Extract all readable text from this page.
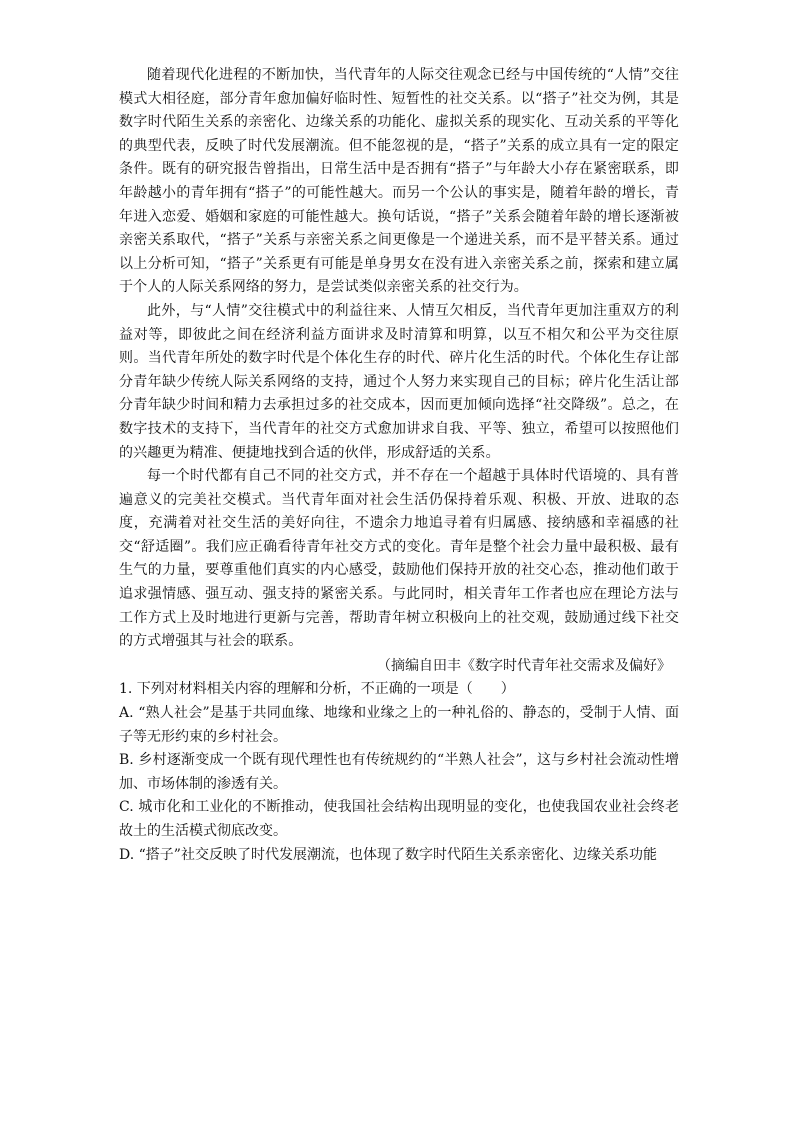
随着现代化进程的不断加快，当代青年的人际交往观念已经与中国传统的“人情”交往模式大相径庭，部分青年愈加偏好临时性、短暂性的社交关系。以“搭子”社交为例，其是数字时代陌生关系的亲密化、边缘关系的功能化、虚拟关系的现实化、互动关系的平等化的典型代表，反映了时代发展潮流。但不能忽视的是，“搭子”关系的成立具有一定的限定条件。既有的研究报告曾指出，日常生活中是否拥有“搭子”与年龄大小存在紧密联系，即年龄越小的青年拥有“搭子”的可能性越大。而另一个公认的事实是，随着年龄的增长，青年进入恋爱、婚姻和家庭的可能性越大。换句话说，“搭子”关系会随着年龄的增长逐渐被亲密关系取代，“搭子”关系与亲密关系之间更像是一个递进关系，而不是平替关系。通过以上分析可知，“搭子”关系更有可能是单身男女在没有进入亲密关系之前，探索和建立属于个人的人际关系网络的努力，是尝试类似亲密关系的社交行为。

此外，与“人情”交往模式中的利益往来、人情互欠相反，当代青年更加注重双方的利益对等，即彼此之间在经济利益方面讲求及时清算和明算，以互不相欠和公平为交往原则。当代青年所处的数字时代是个体化生存的时代、碎片化生活的时代。个体化生存让部分青年缺少传统人际关系网络的支持，通过个人努力来实现自己的目标；碎片化生活让部分青年缺少时间和精力去承担过多的社交成本，因而更加倾向选择“社交降级”。总之，在数字技术的支持下，当代青年的社交方式愈加讲求自我、平等、独立，希望可以按照他们的兴趣更为精准、便捷地找到合适的伙伴，形成舒适的关系。

每一个时代都有自己不同的社交方式，并不存在一个超越于具体时代语境的、具有普遍意义的完美社交模式。当代青年面对社会生活仍保持着乐观、积极、开放、进取的态度，充满着对社交生活的美好向往，不遗余力地追寻着有归属感、接纳感和幸福感的社交“舒适圈”。我们应正确看待青年社交方式的变化。青年是整个社会力量中最积极、最有生气的力量，要尊重他们真实的内心感受，鼓励他们保持开放的社交心态，推动他们敢于追求强情感、强互动、强支持的紧密关系。与此同时，相关青年工作者也应在理论方法与工作方式上及时地进行更新与完善，帮助青年树立积极向上的社交观，鼓励通过线下社交的方式增强其与社会的联系。

（摘编自田丰《数字时代青年社交需求及偏好》

1. 下列对材料相关内容的理解和分析，不正确的一项是（　　）

A. “熟人社会”是基于共同血缘、地缘和业缘之上的一种礼俗的、静态的，受制于人情、面子等无形约束的乡村社会。

B. 乡村逐渐变成一个既有现代理性也有传统规约的“半熟人社会”，这与乡村社会流动性增加、市场体制的渗透有关。

C. 城市化和工业化的不断推动，使我国社会结构出现明显的变化，也使我国农业社会终老故土的生活模式彻底改变。

D. “搭子”社交反映了时代发展潮流，也体现了数字时代陌生关系亲密化、边缘关系功能
